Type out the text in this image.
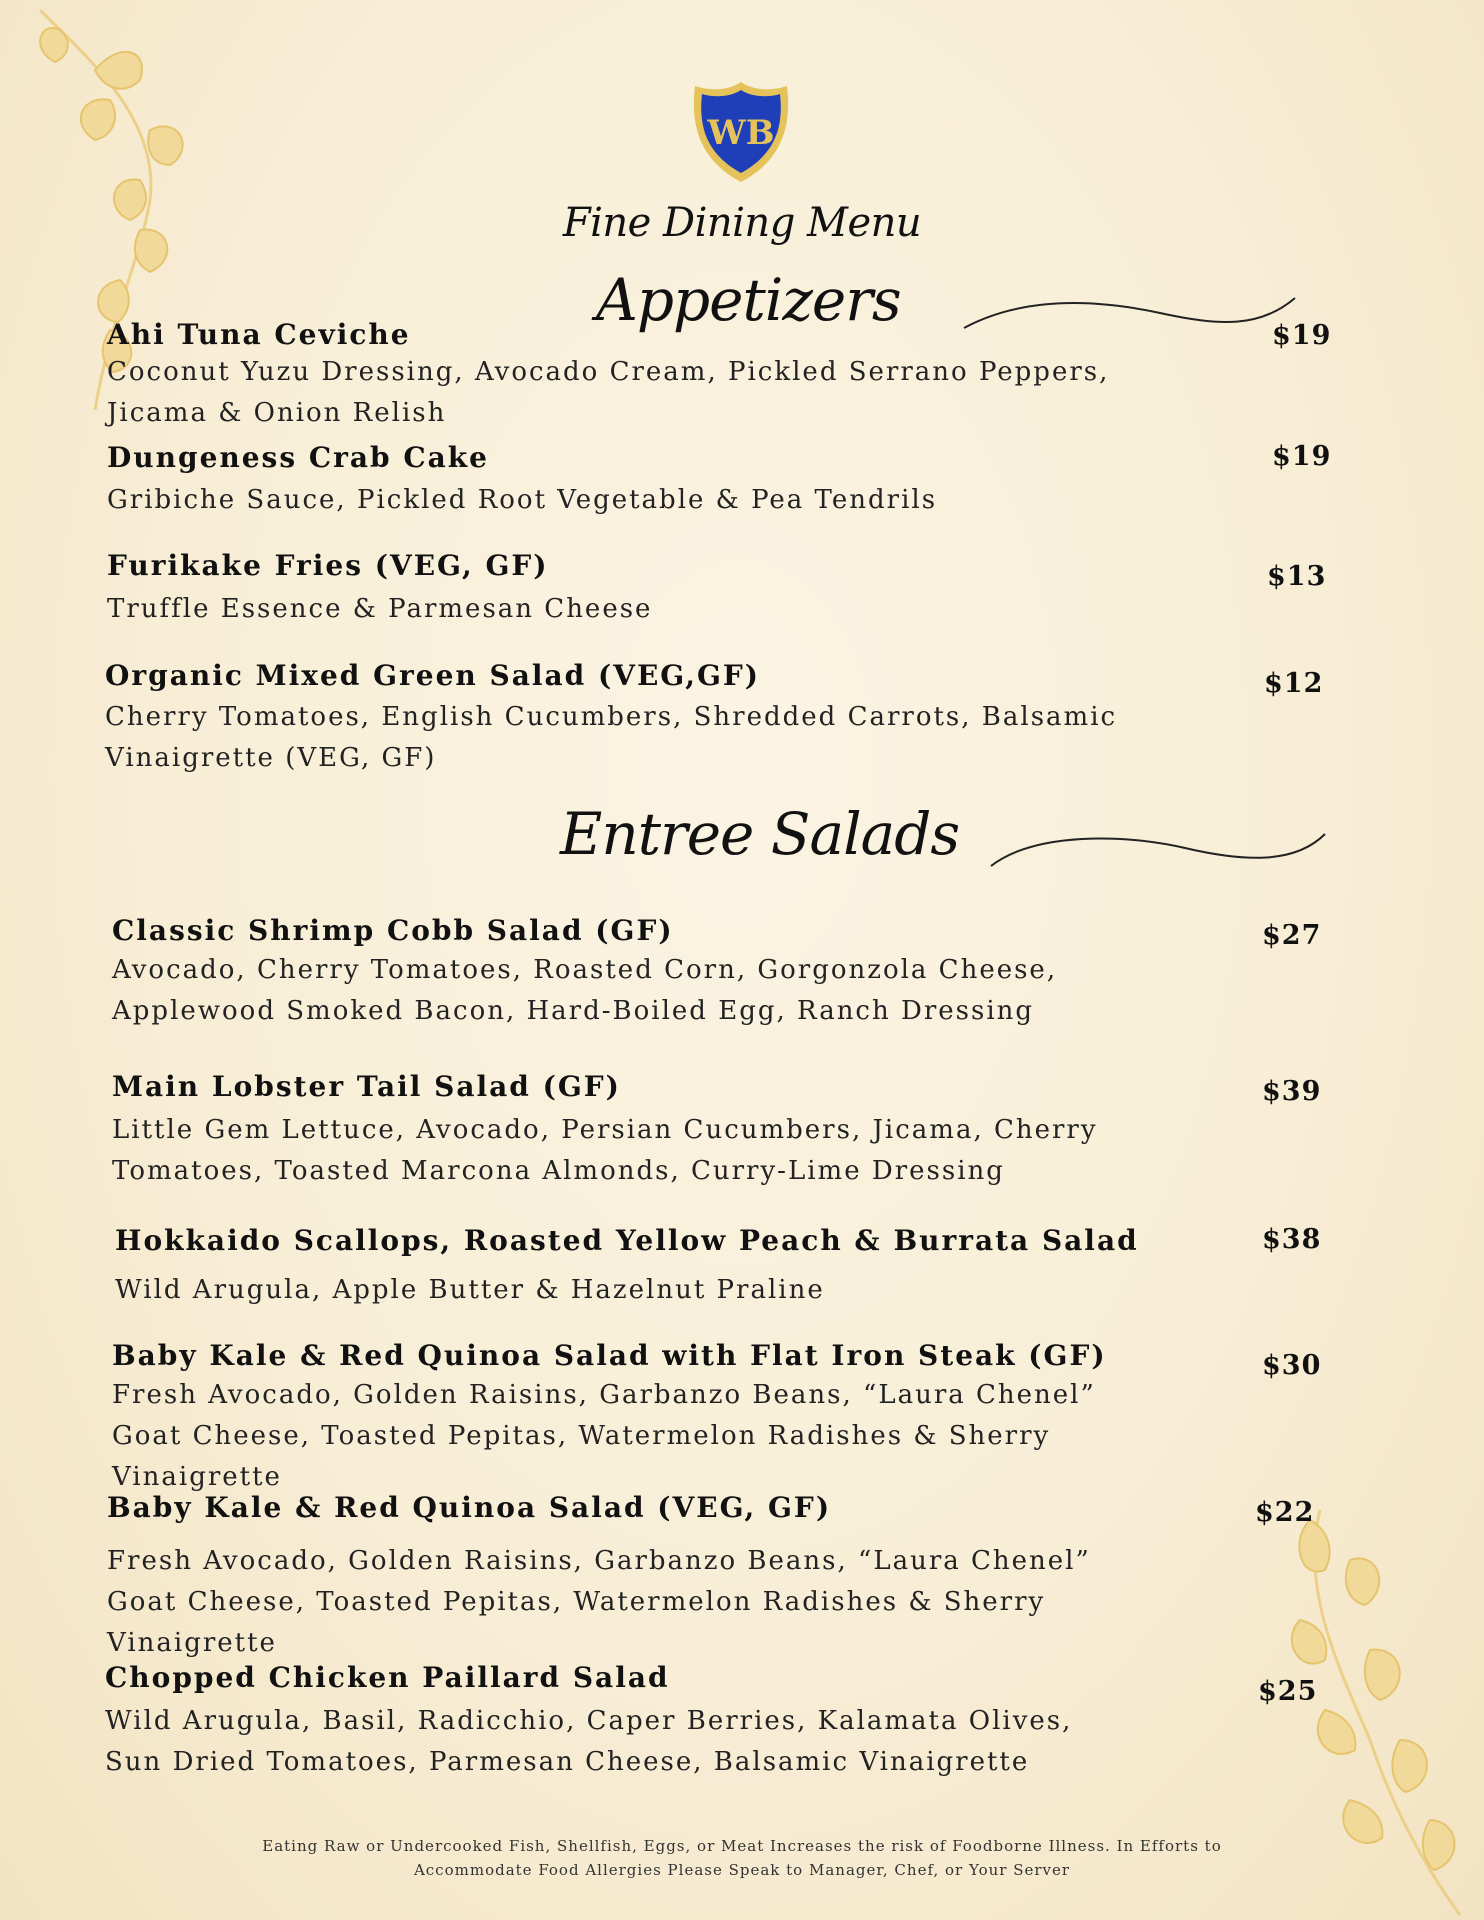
WB
Fine Dining Menu
Appetizers
Ahi Tuna Ceviche
Coconut Yuzu Dressing, Avocado Cream, Pickled Serrano Peppers, Jicama & Onion Relish
$19
Dungeness Crab Cake
Gribiche Sauce, Pickled Root Vegetable & Pea Tendrils
$19
Furikake Fries (VEG, GF)
Truffle Essence & Parmesan Cheese
$13
Organic Mixed Green Salad (VEG,GF)
Cherry Tomatoes, English Cucumbers, Shredded Carrots, Balsamic Vinaigrette (VEG, GF)
$12
Entree Salads
Classic Shrimp Cobb Salad (GF)
Avocado, Cherry Tomatoes, Roasted Corn, Gorgonzola Cheese, Applewood Smoked Bacon, Hard-Boiled Egg, Ranch Dressing
$27
Main Lobster Tail Salad (GF)
Little Gem Lettuce, Avocado, Persian Cucumbers, Jicama, Cherry Tomatoes, Toasted Marcona Almonds, Curry-Lime Dressing
$39
Hokkaido Scallops, Roasted Yellow Peach & Burrata Salad
Wild Arugula, Apple Butter & Hazelnut Praline
$38
Baby Kale & Red Quinoa Salad with Flat Iron Steak (GF)
Fresh Avocado, Golden Raisins, Garbanzo Beans, “Laura Chenel” Goat Cheese, Toasted Pepitas, Watermelon Radishes & Sherry Vinaigrette
$30
Baby Kale & Red Quinoa Salad (VEG, GF)
Fresh Avocado, Golden Raisins, Garbanzo Beans, “Laura Chenel” Goat Cheese, Toasted Pepitas, Watermelon Radishes & Sherry Vinaigrette
$22
Chopped Chicken Paillard Salad
Wild Arugula, Basil, Radicchio, Caper Berries, Kalamata Olives, Sun Dried Tomatoes, Parmesan Cheese, Balsamic Vinaigrette
$25
Eating Raw or Undercooked Fish, Shellfish, Eggs, or Meat Increases the risk of Foodborne Illness. In Efforts to
Accommodate Food Allergies Please Speak to Manager, Chef, or Your Server
